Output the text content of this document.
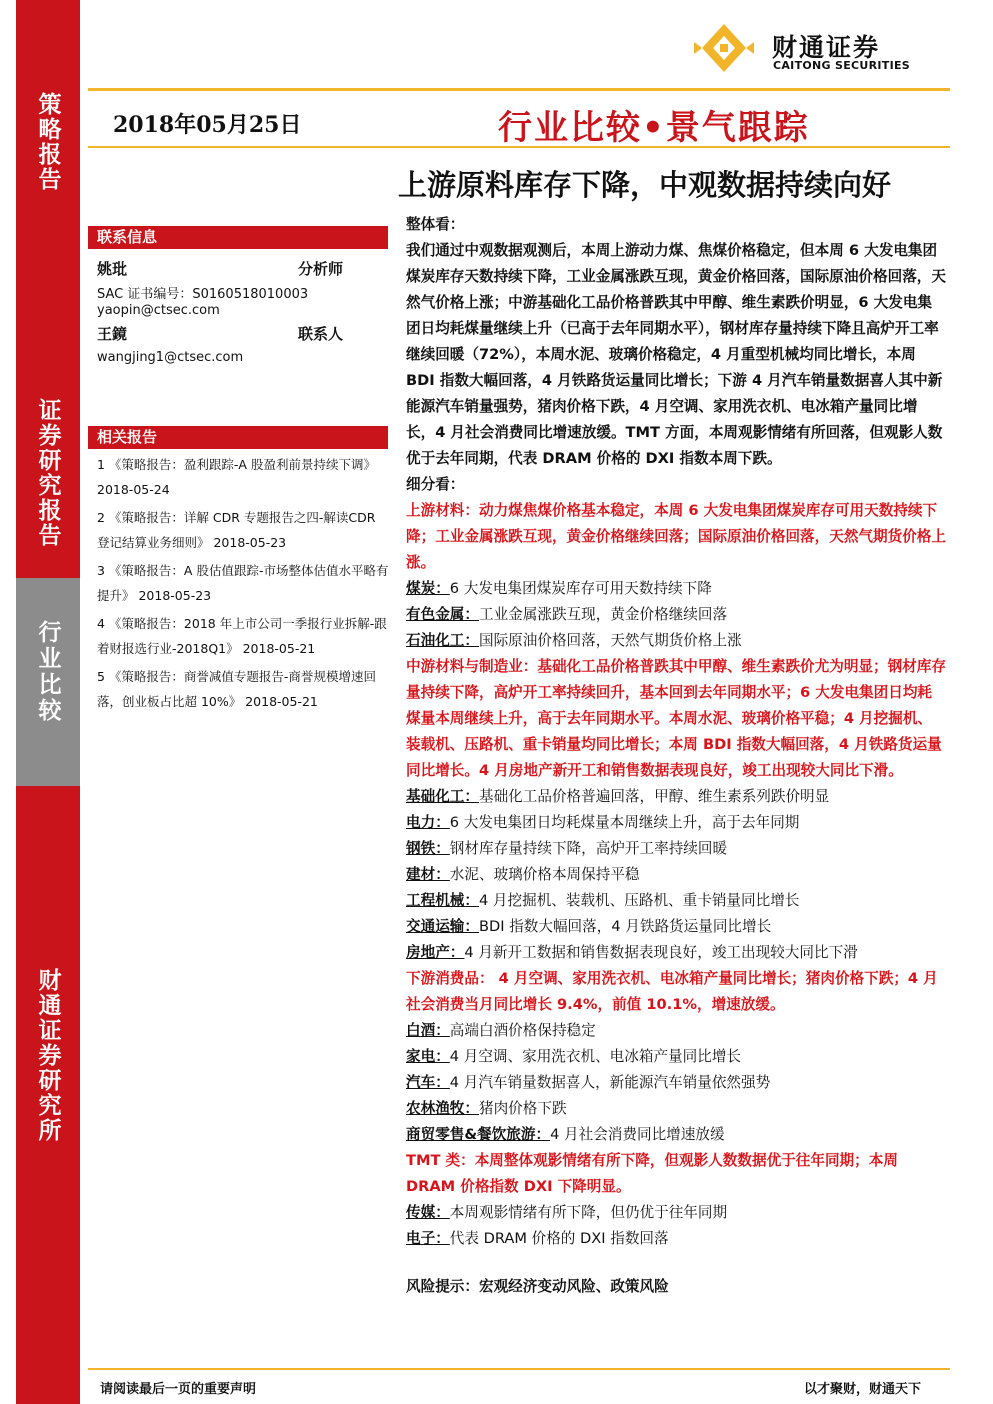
策略报告
证券研究报告
行业比较
财通证券研究所
财通证券
CAITONG SECURITIES
2018年05月25日	行业比较•景气跟踪
上游原料库存下降，中观数据持续向好
联系信息
姚玭	分析师
SAC 证书编号：S0160518010003
yaopin@ctsec.com
王鏡	联系人
wangjing1@ctsec.com
相关报告
1 《策略报告：盈利跟踪-A 股盈利前景持续下调》 2018-05-24
2 《策略报告：详解 CDR 专题报告之四-解读CDR 登记结算业务细则》 2018-05-23
3 《策略报告：A 股估值跟踪-市场整体估值水平略有提升》 2018-05-23
4 《策略报告：2018 年上市公司一季报行业拆解-跟着财报选行业-2018Q1》 2018-05-21
5 《策略报告：商誉减值专题报告-商誉规模增速回落，创业板占比超 10%》 2018-05-21

整体看：

我们通过中观数据观测后，本周上游动力煤、焦煤价格稳定，但本周 6 大发电集团煤炭库存天数持续下降，工业金属涨跌互现，黄金价格回落，国际原油价格回落，天然气价格上涨；中游基础化工品价格普跌其中甲醇、维生素跌价明显，6 大发电集团日均耗煤量继续上升（已高于去年同期水平），钢材库存量持续下降且高炉开工率继续回暖（72%），本周水泥、玻璃价格稳定，4 月重型机械均同比增长，本周 BDI 指数大幅回落，4 月铁路货运量同比增长；下游 4 月汽车销量数据喜人其中新能源汽车销量强势，猪肉价格下跌，4 月空调、家用洗衣机、电冰箱产量同比增长，4 月社会消费同比增速放缓。TMT 方面，本周观影情绪有所回落，但观影人数优于去年同期，代表 DRAM 价格的 DXI 指数本周下跌。

细分看：

上游材料：动力煤焦煤价格基本稳定，本周 6 大发电集团煤炭库存可用天数持续下降；工业金属涨跌互现，黄金价格继续回落；国际原油价格回落，天然气期货价格上涨。

煤炭：6 大发电集团煤炭库存可用天数持续下降

有色金属：工业金属涨跌互现，黄金价格继续回落

石油化工：国际原油价格回落，天然气期货价格上涨

中游材料与制造业：基础化工品价格普跌其中甲醇、维生素跌价尤为明显；钢材库存量持续下降，高炉开工率持续回升，基本回到去年同期水平；6 大发电集团日均耗煤量本周继续上升，高于去年同期水平。本周水泥、玻璃价格平稳；4 月挖掘机、装载机、压路机、重卡销量均同比增长；本周 BDI 指数大幅回落，4 月铁路货运量同比增长。4 月房地产新开工和销售数据表现良好，竣工出现较大同比下滑。

基础化工：基础化工品价格普遍回落，甲醇、维生素系列跌价明显

电力：6 大发电集团日均耗煤量本周继续上升，高于去年同期

钢铁：钢材库存量持续下降，高炉开工率持续回暖

建材：水泥、玻璃价格本周保持平稳

工程机械：4 月挖掘机、装载机、压路机、重卡销量同比增长

交通运输：BDI 指数大幅回落，4 月铁路货运量同比增长

房地产：4 月新开工数据和销售数据表现良好，竣工出现较大同比下滑

下游消费品： 4 月空调、家用洗衣机、电冰箱产量同比增长；猪肉价格下跌；4 月社会消费当月同比增长 9.4%，前值 10.1%，增速放缓。

白酒：高端白酒价格保持稳定

家电：4 月空调、家用洗衣机、电冰箱产量同比增长

汽车：4 月汽车销量数据喜人，新能源汽车销量依然强势

农林渔牧：猪肉价格下跌

商贸零售&餐饮旅游：4 月社会消费同比增速放缓

TMT 类：本周整体观影情绪有所下降，但观影人数数据优于往年同期；本周 DRAM 价格指数 DXI 下降明显。

传媒：本周观影情绪有所下降，但仍优于往年同期

电子：代表 DRAM 价格的 DXI 指数回落

风险提示：宏观经济变动风险、政策风险

请阅读最后一页的重要声明	以才聚财，财通天下
